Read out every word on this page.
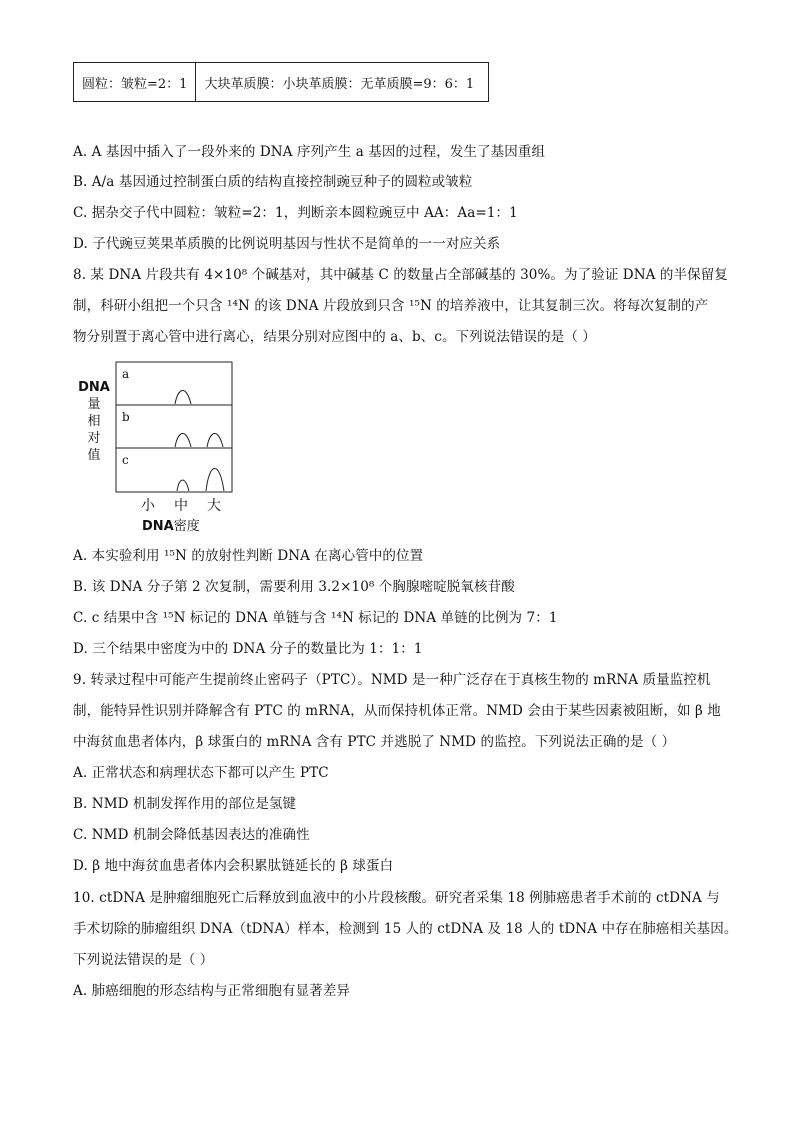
圆粒：皱粒=2：1	大块革质膜：小块革质膜：无革质膜=9：6：1
A. A 基因中插入了一段外来的 DNA 序列产生 a 基因的过程，发生了基因重组
B. A/a 基因通过控制蛋白质的结构直接控制豌豆种子的圆粒或皱粒
C. 据杂交子代中圆粒：皱粒=2：1，判断亲本圆粒豌豆中 AA：Aa=1：1
D. 子代豌豆荚果革质膜的比例说明基因与性状不是简单的一一对应关系
8. 某 DNA 片段共有 4×10⁸ 个碱基对，其中碱基 C 的数量占全部碱基的 30%。为了验证 DNA 的半保留复
制，科研小组把一个只含 ¹⁴N 的该 DNA 片段放到只含 ¹⁵N 的培养液中，让其复制三次。将每次复制的产
物分别置于离心管中进行离心，结果分别对应图中的 a、b、c。下列说法错误的是（ ）
DNA
量
相
对
值
a
b
c
小 中 大
DNA密度
A. 本实验利用 ¹⁵N 的放射性判断 DNA 在离心管中的位置
B. 该 DNA 分子第 2 次复制，需要利用 3.2×10⁸ 个胸腺嘧啶脱氧核苷酸
C. c 结果中含 ¹⁵N 标记的 DNA 单链与含 ¹⁴N 标记的 DNA 单链的比例为 7：1
D. 三个结果中密度为中的 DNA 分子的数量比为 1：1：1
9. 转录过程中可能产生提前终止密码子（PTC）。NMD 是一种广泛存在于真核生物的 mRNA 质量监控机
制，能特异性识别并降解含有 PTC 的 mRNA，从而保持机体正常。NMD 会由于某些因素被阻断，如 β 地
中海贫血患者体内，β 球蛋白的 mRNA 含有 PTC 并逃脱了 NMD 的监控。下列说法正确的是（ ）
A. 正常状态和病理状态下都可以产生 PTC
B. NMD 机制发挥作用的部位是氢键
C. NMD 机制会降低基因表达的准确性
D. β 地中海贫血患者体内会积累肽链延长的 β 球蛋白
10. ctDNA 是肿瘤细胞死亡后释放到血液中的小片段核酸。研究者采集 18 例肺癌患者手术前的 ctDNA 与
手术切除的肺瘤组织 DNA（tDNA）样本，检测到 15 人的 ctDNA 及 18 人的 tDNA 中存在肺癌相关基因。
下列说法错误的是（ ）
A. 肺癌细胞的形态结构与正常细胞有显著差异
